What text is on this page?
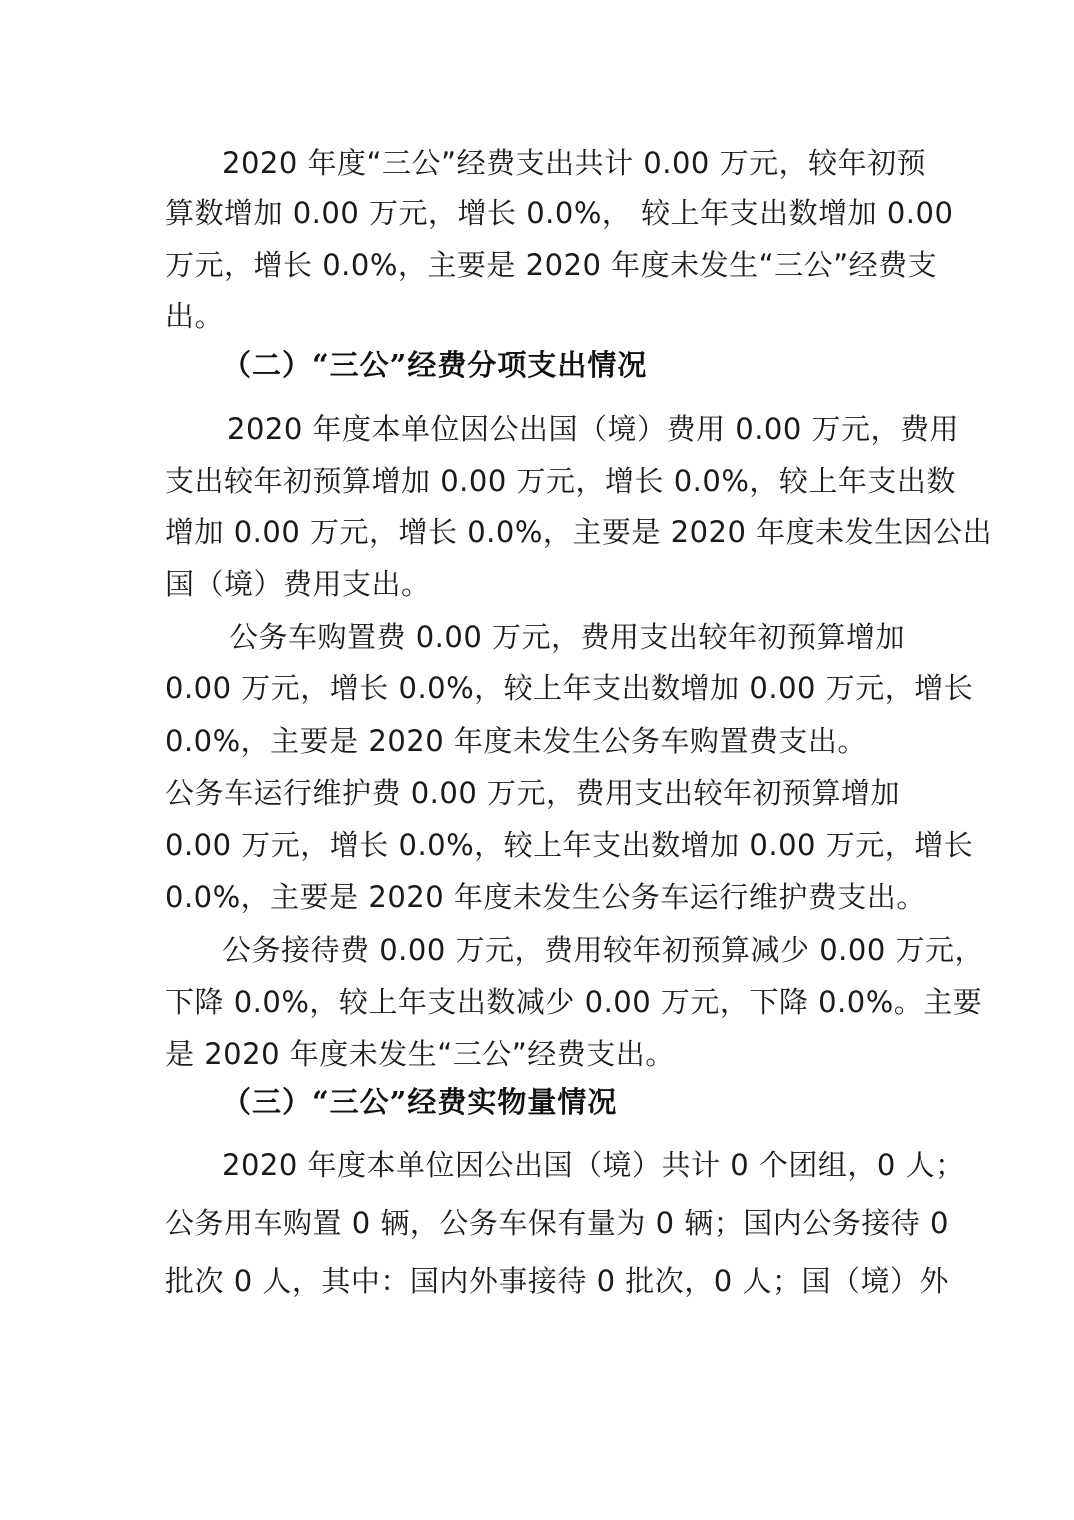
2020 年度“三公”经费支出共计 0.00 万元，较年初预

算数增加 0.00 万元，增长 0.0%， 较上年支出数增加 0.00

万元，增长 0.0%，主要是 2020 年度未发生“三公”经费支

出。

（二）“三公”经费分项支出情况

2020 年度本单位因公出国（境）费用 0.00 万元，费用

支出较年初预算增加 0.00 万元，增长 0.0%，较上年支出数

增加 0.00 万元，增长 0.0%，主要是 2020 年度未发生因公出

国（境）费用支出。

公务车购置费 0.00 万元，费用支出较年初预算增加

0.00 万元，增长 0.0%，较上年支出数增加 0.00 万元，增长

0.0%，主要是 2020 年度未发生公务车购置费支出。

公务车运行维护费 0.00 万元，费用支出较年初预算增加

0.00 万元，增长 0.0%，较上年支出数增加 0.00 万元，增长

0.0%，主要是 2020 年度未发生公务车运行维护费支出。

公务接待费 0.00 万元，费用较年初预算减少 0.00 万元，

下降 0.0%，较上年支出数减少 0.00 万元，下降 0.0%。主要

是 2020 年度未发生“三公”经费支出。

（三）“三公”经费实物量情况

2020 年度本单位因公出国（境）共计 0 个团组，0 人；

公务用车购置 0 辆，公务车保有量为 0 辆；国内公务接待 0

批次 0 人，其中：国内外事接待 0 批次，0 人；国（境）外
